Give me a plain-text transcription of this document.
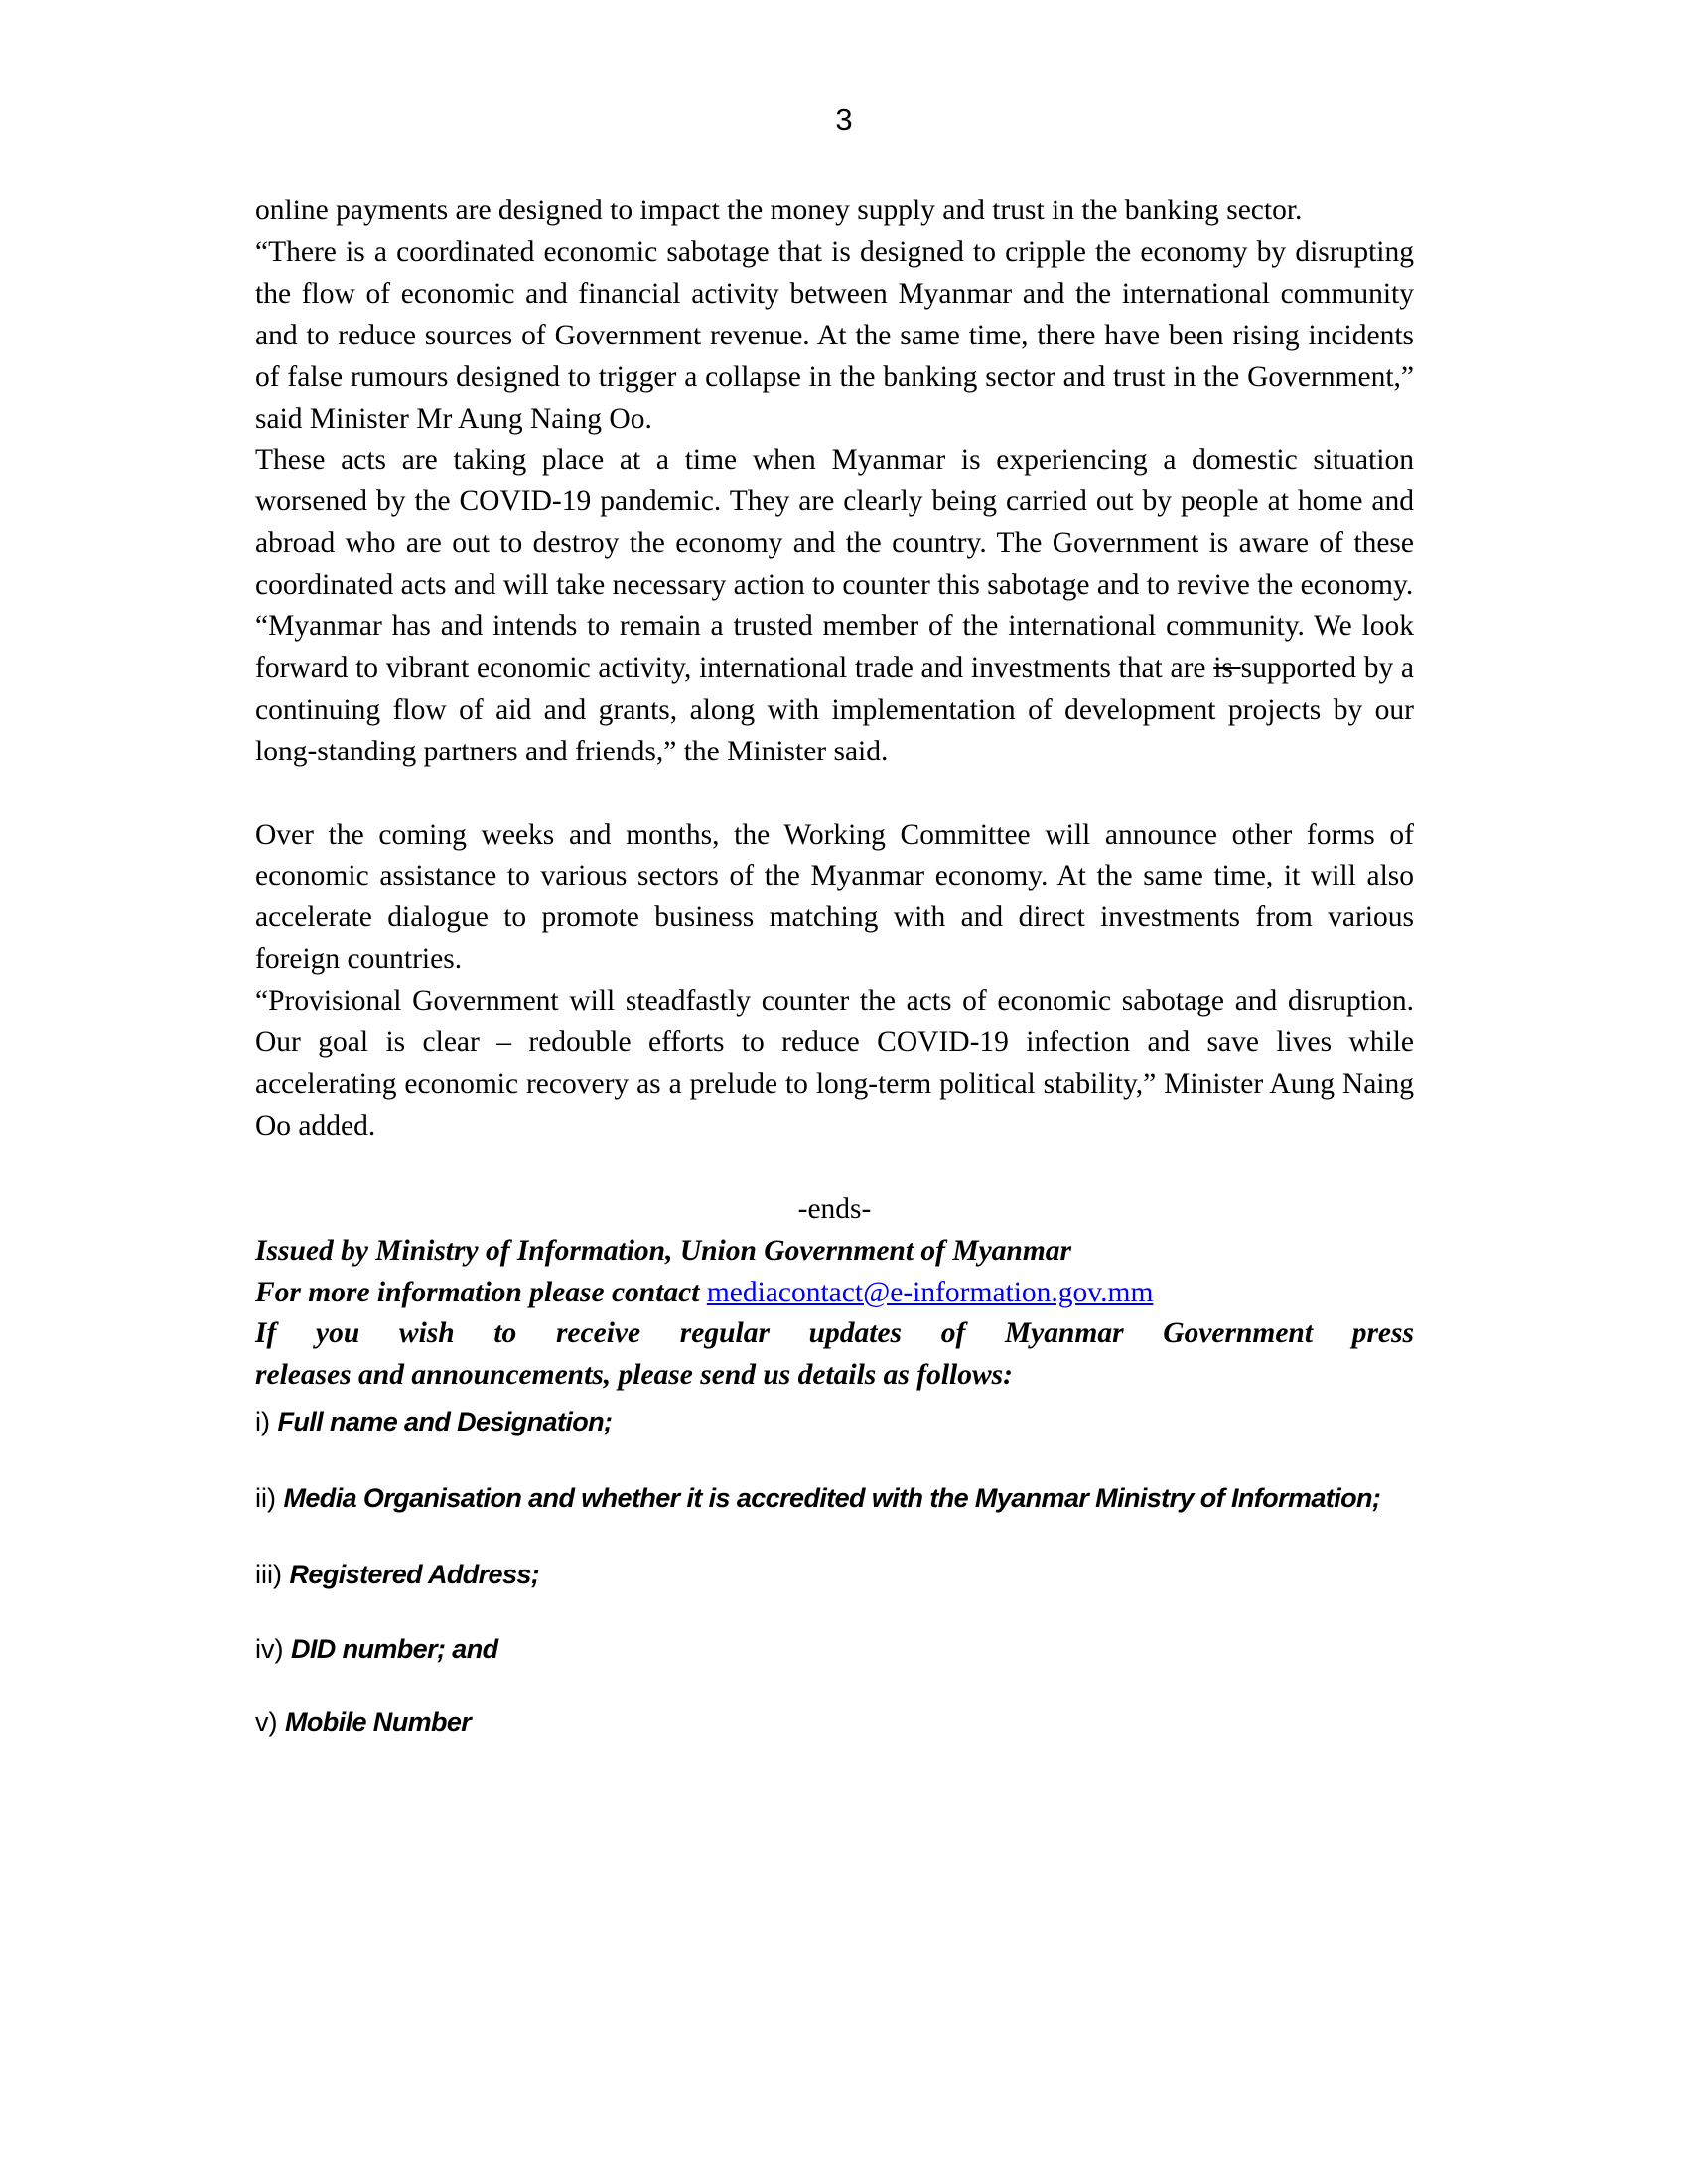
3

online payments are designed to impact the money supply and trust in the banking sector.

“There is a coordinated economic sabotage that is designed to cripple the economy by disrupting the flow of economic and financial activity between Myanmar and the international community and to reduce sources of Government revenue. At the same time, there have been rising incidents of false rumours designed to trigger a collapse in the banking sector and trust in the Government,” said Minister Mr Aung Naing Oo.

These acts are taking place at a time when Myanmar is experiencing a domestic situation worsened by the COVID-19 pandemic. They are clearly being carried out by people at home and abroad who are out to destroy the economy and the country. The Government is aware of these coordinated acts and will take necessary action to counter this sabotage and to revive the economy.

“Myanmar has and intends to remain a trusted member of the international community. We look forward to vibrant economic activity, international trade and investments that are is supported by a continuing flow of aid and grants, along with implementation of development projects by our long-standing partners and friends,” the Minister said.

Over the coming weeks and months, the Working Committee will announce other forms of economic assistance to various sectors of the Myanmar economy. At the same time, it will also accelerate dialogue to promote business matching with and direct investments from various foreign countries.

“Provisional Government will steadfastly counter the acts of economic sabotage and disruption. Our goal is clear – redouble efforts to reduce COVID-19 infection and save lives while accelerating economic recovery as a prelude to long-term political stability,” Minister Aung Naing Oo added.

-ends-

Issued by Ministry of Information, Union Government of Myanmar

For more information please contact mediacontact@e-information.gov.mm

If you wish to receive regular updates of Myanmar Government press

releases and announcements, please send us details as follows:

i) Full name and Designation;

ii) Media Organisation and whether it is accredited with the Myanmar Ministry of Information;

iii) Registered Address;

iv) DID number; and

v) Mobile Number
